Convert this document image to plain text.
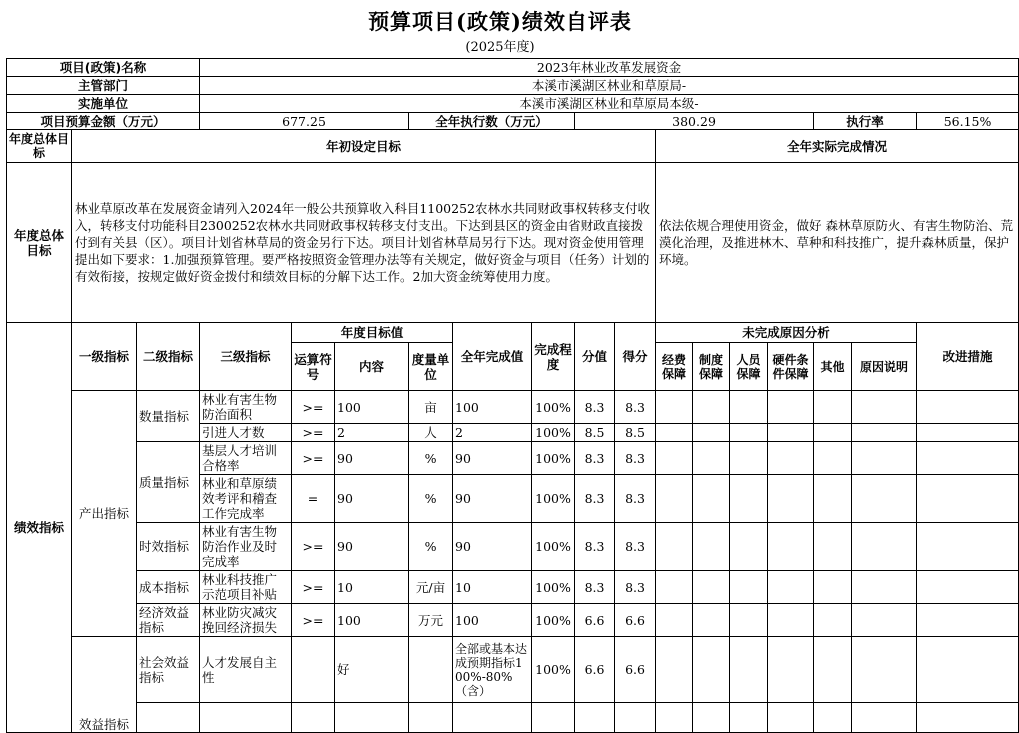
预算项目(政策)绩效自评表
(2025年度)
项目(政策)名称			2023年林业改革发展资金														
主管部门			本溪市溪湖区林业和草原局-														
实施单位			本溪市溪湖区林业和草原局本级-														
项目预算金额（万元）			677.25			全年执行数（万元）			380.29						执行率		56.15%
年度总体目标	年初设定目标										全年实际完成情况						
年度总体目标	林业草原改革在发展资金请列入2024年一般公共预算收入科目1100252农林水共同财政事权转移支付收入，转移支付功能科目2300252农林水共同财政事权转移支付支出。下达到县区的资金由省财政直接拨付到有关县（区）。项目计划省林草局的资金另行下达。项目计划省林草局另行下达。现对资金使用管理提出如下要求：1.加强预算管理。要严格按照资金管理办法等有关规定，做好资金与项目（任务）计划的有效衔接，按规定做好资金拨付和绩效目标的分解下达工作。2加大资金统筹使用力度。										依法依规合理使用资金，做好 森林草原防火、有害生物防治、荒漠化治理，及推进林木、草种和科技推广，提升森林质量，保护环境。						
绩效指标	一级指标	二级指标	三级指标	年度目标值			全年完成值	完成程度	分值	得分	未完成原因分析						改进措施
				运算符号	内容	度量单位					经费保障	制度保障	人员保障	硬件条件保障	其他	原因说明	
	产出指标	数量指标	林业有害生物防治面积	>=	100	亩	100	100%	8.3	8.3							
			引进人才数	>=	2	人	2	100%	8.5	8.5							
		质量指标	基层人才培训合格率	>=	90	%	90	100%	8.3	8.3							
			林业和草原绩效考评和稽查工作完成率	=	90	%	90	100%	8.3	8.3							
		时效指标	林业有害生物防治作业及时完成率	>=	90	%	90	100%	8.3	8.3							
		成本指标	林业科技推广示范项目补贴	>=	10	元/亩	10	100%	8.3	8.3							
		经济效益指标	林业防灾减灾挽回经济损失	>=	100	万元	100	100%	6.6	6.6							
	效益指标	社会效益指标	人才发展自主性		好		全部或基本达成预期指标100%-80%（含）	100%	6.6	6.6							
